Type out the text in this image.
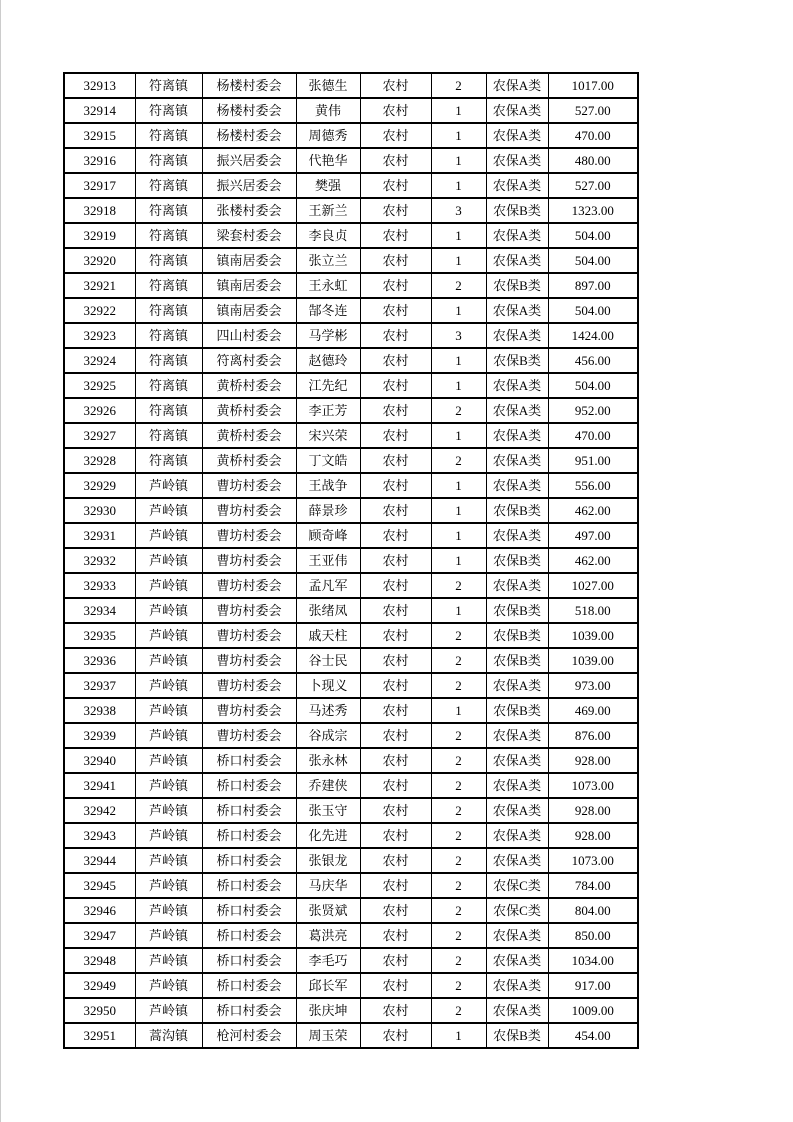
32913	符离镇	杨楼村委会	张德生	农村	2	农保A类	1017.00
32914	符离镇	杨楼村委会	黄伟	农村	1	农保A类	527.00
32915	符离镇	杨楼村委会	周德秀	农村	1	农保A类	470.00
32916	符离镇	振兴居委会	代艳华	农村	1	农保A类	480.00
32917	符离镇	振兴居委会	樊强	农村	1	农保A类	527.00
32918	符离镇	张楼村委会	王新兰	农村	3	农保B类	1323.00
32919	符离镇	梁套村委会	李良贞	农村	1	农保A类	504.00
32920	符离镇	镇南居委会	张立兰	农村	1	农保A类	504.00
32921	符离镇	镇南居委会	王永虹	农村	2	农保B类	897.00
32922	符离镇	镇南居委会	郜冬连	农村	1	农保A类	504.00
32923	符离镇	四山村委会	马学彬	农村	3	农保A类	1424.00
32924	符离镇	符离村委会	赵德玲	农村	1	农保B类	456.00
32925	符离镇	黄桥村委会	江先纪	农村	1	农保A类	504.00
32926	符离镇	黄桥村委会	李正芳	农村	2	农保A类	952.00
32927	符离镇	黄桥村委会	宋兴荣	农村	1	农保A类	470.00
32928	符离镇	黄桥村委会	丁文皓	农村	2	农保A类	951.00
32929	芦岭镇	曹坊村委会	王战争	农村	1	农保A类	556.00
32930	芦岭镇	曹坊村委会	薛景珍	农村	1	农保B类	462.00
32931	芦岭镇	曹坊村委会	顾奇峰	农村	1	农保A类	497.00
32932	芦岭镇	曹坊村委会	王亚伟	农村	1	农保B类	462.00
32933	芦岭镇	曹坊村委会	孟凡军	农村	2	农保A类	1027.00
32934	芦岭镇	曹坊村委会	张绪凤	农村	1	农保B类	518.00
32935	芦岭镇	曹坊村委会	戚天柱	农村	2	农保B类	1039.00
32936	芦岭镇	曹坊村委会	谷士民	农村	2	农保B类	1039.00
32937	芦岭镇	曹坊村委会	卜现义	农村	2	农保A类	973.00
32938	芦岭镇	曹坊村委会	马述秀	农村	1	农保B类	469.00
32939	芦岭镇	曹坊村委会	谷成宗	农村	2	农保A类	876.00
32940	芦岭镇	桥口村委会	张永林	农村	2	农保A类	928.00
32941	芦岭镇	桥口村委会	乔建侠	农村	2	农保A类	1073.00
32942	芦岭镇	桥口村委会	张玉守	农村	2	农保A类	928.00
32943	芦岭镇	桥口村委会	化先进	农村	2	农保A类	928.00
32944	芦岭镇	桥口村委会	张银龙	农村	2	农保A类	1073.00
32945	芦岭镇	桥口村委会	马庆华	农村	2	农保C类	784.00
32946	芦岭镇	桥口村委会	张贤斌	农村	2	农保C类	804.00
32947	芦岭镇	桥口村委会	葛洪亮	农村	2	农保A类	850.00
32948	芦岭镇	桥口村委会	李毛巧	农村	2	农保A类	1034.00
32949	芦岭镇	桥口村委会	邱长军	农村	2	农保A类	917.00
32950	芦岭镇	桥口村委会	张庆坤	农村	2	农保A类	1009.00
32951	蒿沟镇	枪河村委会	周玉荣	农村	1	农保B类	454.00
